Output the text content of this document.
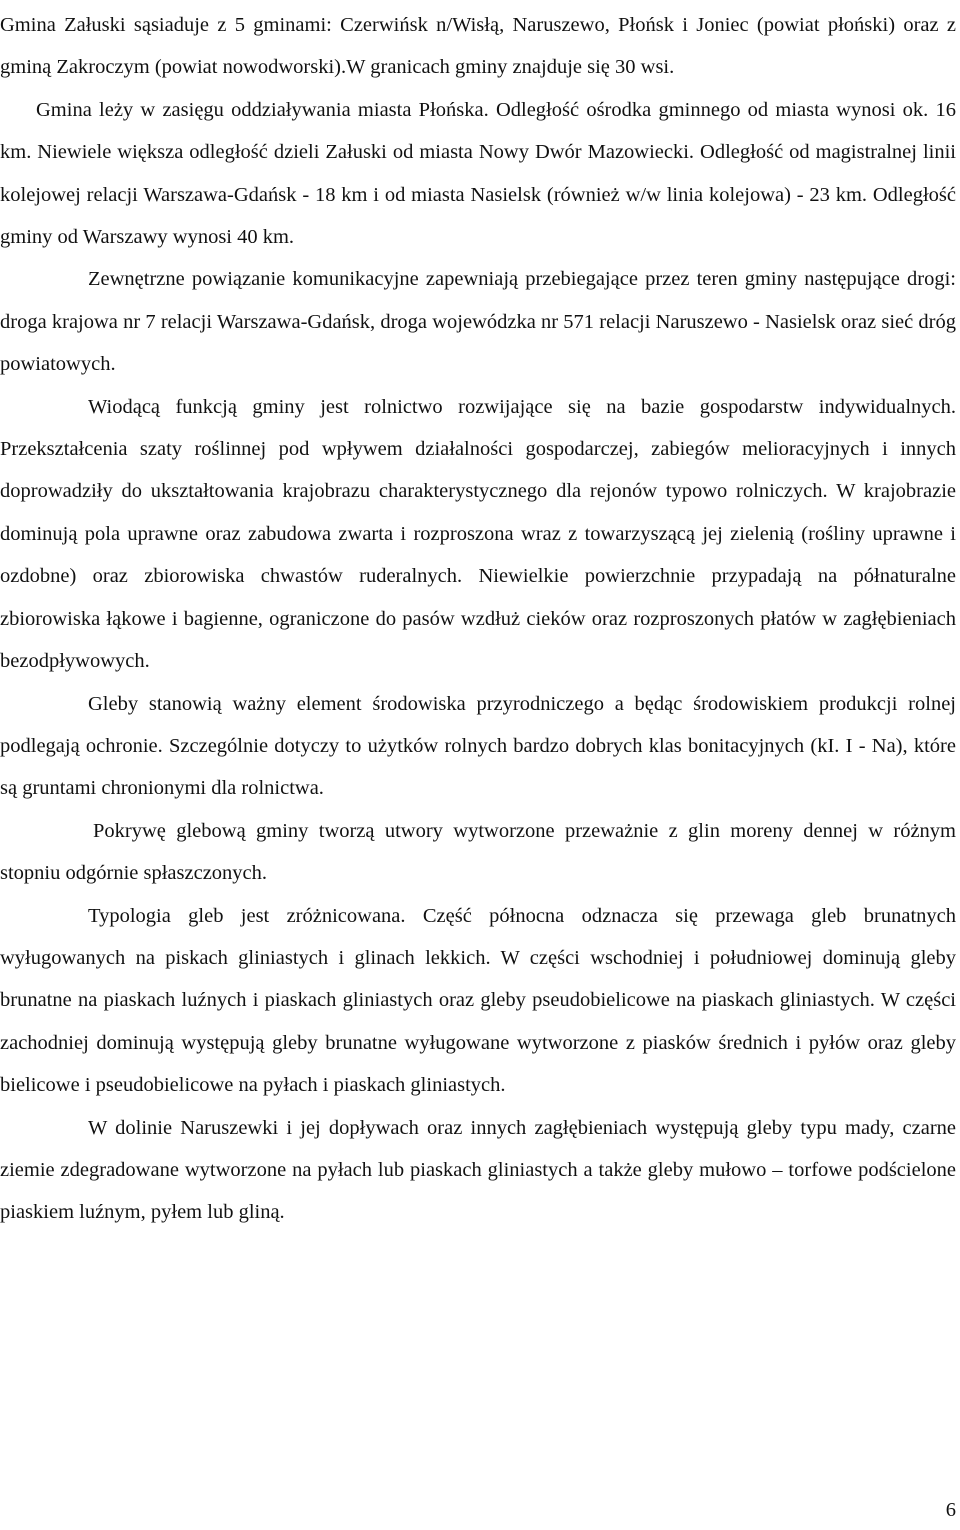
Gmina Załuski sąsiaduje z 5 gminami: Czerwińsk n/Wisłą, Naruszewo, Płońsk i Joniec (powiat płoński) oraz z gminą Zakroczym (powiat nowodworski).W granicach gminy znajduje się 30 wsi.

Gmina leży w zasięgu oddziaływania miasta Płońska. Odległość ośrodka gminnego od miasta wynosi ok. 16 km. Niewiele większa odległość dzieli Załuski od miasta Nowy Dwór Mazowiecki. Odległość od magistralnej linii kolejowej relacji Warszawa-Gdańsk - 18 km i od miasta Nasielsk (również w/w linia kolejowa) - 23 km. Odległość gminy od Warszawy wynosi 40 km.

Zewnętrzne powiązanie komunikacyjne zapewniają przebiegające przez teren gminy następujące drogi: droga krajowa nr 7 relacji Warszawa-Gdańsk, droga wojewódzka nr 571 relacji Naruszewo - Nasielsk oraz sieć dróg powiatowych.

Wiodącą funkcją gminy jest rolnictwo rozwijające się na bazie gospodarstw indywidualnych. Przekształcenia szaty roślinnej pod wpływem działalności gospodarczej, zabiegów melioracyjnych i innych doprowadziły do ukształtowania krajobrazu charakterystycznego dla rejonów typowo rolniczych. W krajobrazie dominują pola uprawne oraz zabudowa zwarta i rozproszona wraz z towarzyszącą jej zielenią (rośliny uprawne i ozdobne) oraz zbiorowiska chwastów ruderalnych. Niewielkie powierzchnie przypadają na półnaturalne zbiorowiska łąkowe i bagienne, ograniczone do pasów wzdłuż cieków oraz rozproszonych płatów w zagłębieniach bezodpływowych.

Gleby stanowią ważny element środowiska przyrodniczego a będąc środowiskiem produkcji rolnej podlegają ochronie. Szczególnie dotyczy to użytków rolnych bardzo dobrych klas bonitacyjnych (kI. I - Na), które są gruntami chronionymi dla rolnictwa.

Pokrywę glebową gminy tworzą utwory wytworzone przeważnie z glin moreny dennej w różnym stopniu odgórnie spłaszczonych.

Typologia gleb jest zróżnicowana. Część północna odznacza się przewaga gleb brunatnych wyługowanych na piskach gliniastych i glinach lekkich. W części wschodniej i południowej dominują gleby brunatne na piaskach luźnych i piaskach gliniastych oraz gleby pseudobielicowe na piaskach gliniastych. W części zachodniej dominują występują gleby brunatne wyługowane wytworzone z piasków średnich i pyłów oraz gleby bielicowe i pseudobielicowe na pyłach i piaskach gliniastych.

W dolinie Naruszewki i jej dopływach oraz innych zagłębieniach występują gleby typu mady, czarne ziemie zdegradowane wytworzone na pyłach lub piaskach gliniastych a także gleby mułowo – torfowe podścielone piaskiem luźnym, pyłem lub gliną.

6
